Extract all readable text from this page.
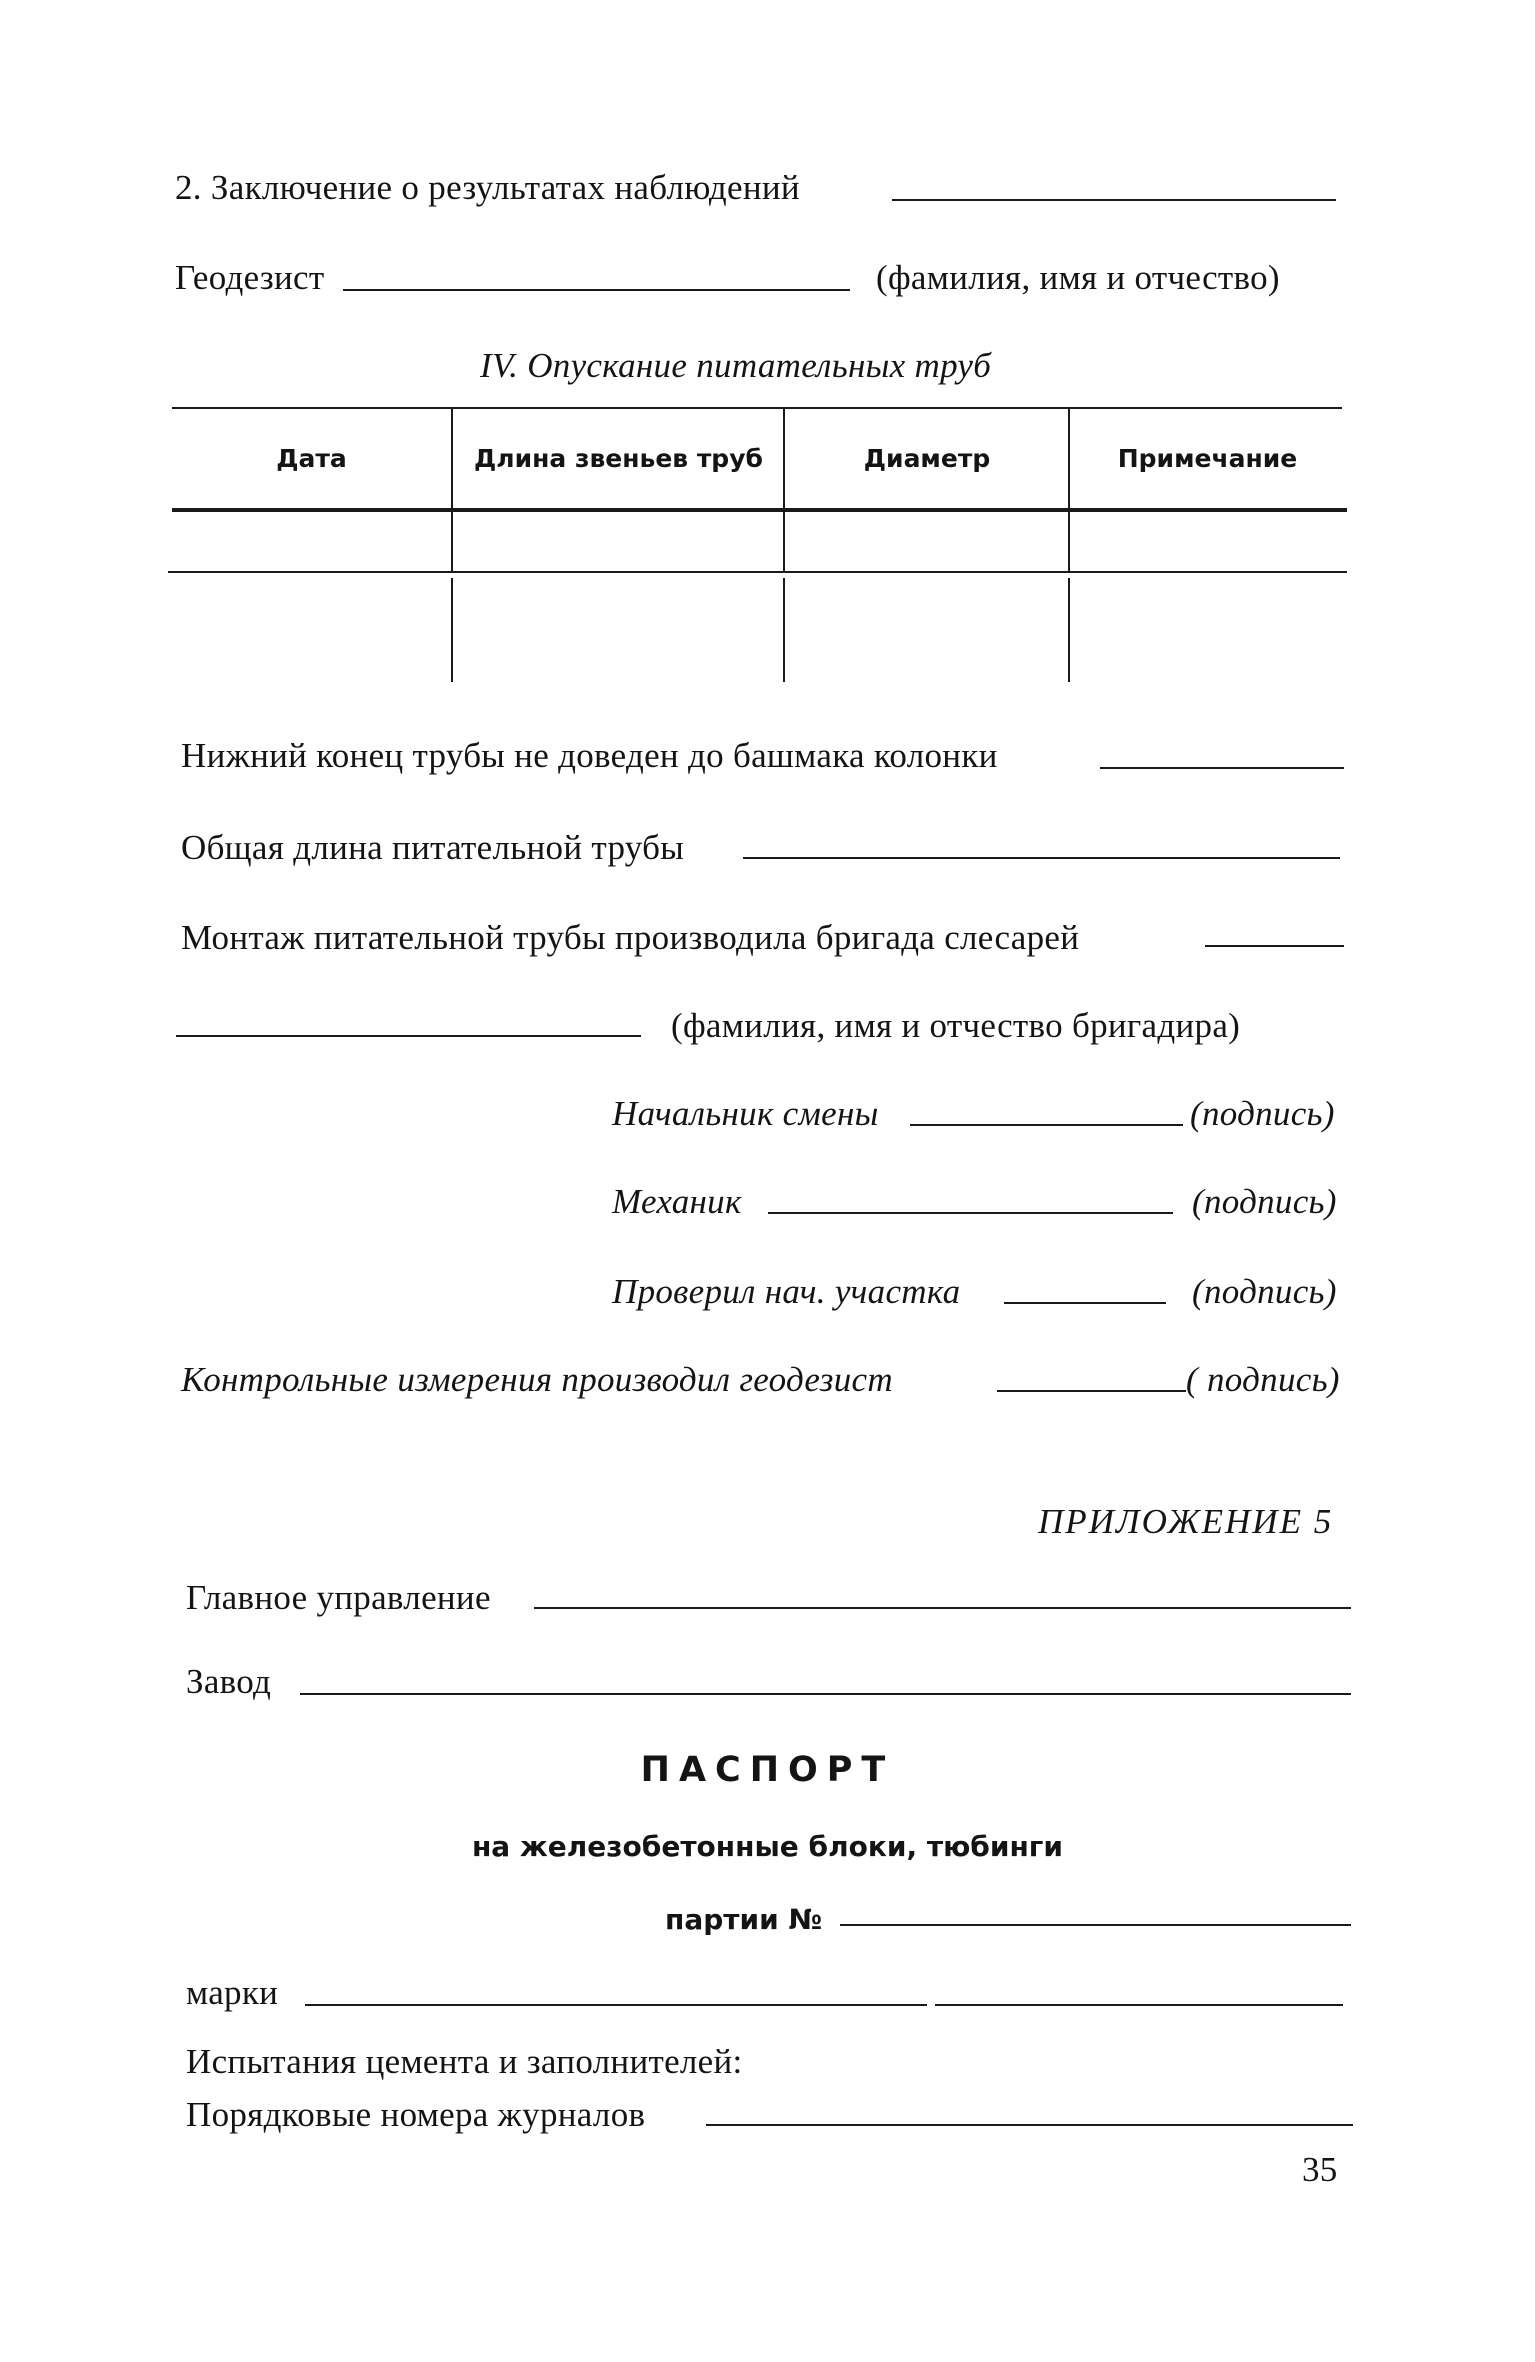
2. Заключение о результатах наблюдений
Геодезист	(фамилия, имя и отчество)
IV. Опускание питательных труб
Дата	Длина звеньев труб	Диаметр	Примечание
Нижний конец трубы не доведен до башмака колонки
Общая длина питательной трубы
Монтаж питательной трубы производила бригада слесарей
(фамилия, имя и отчество бригадира)
Начальник смены	(подпись)
Механик	(подпись)
Проверил нач. участка	(подпись)
Контрольные измерения производил геодезист	( подпись)
ПРИЛОЖЕНИЕ 5
Главное управление
Завод
ПАСПОРТ
на железобетонные блоки, тюбинги
партии №
марки
Испытания цемента и заполнителей:
Порядковые номера журналов
35
